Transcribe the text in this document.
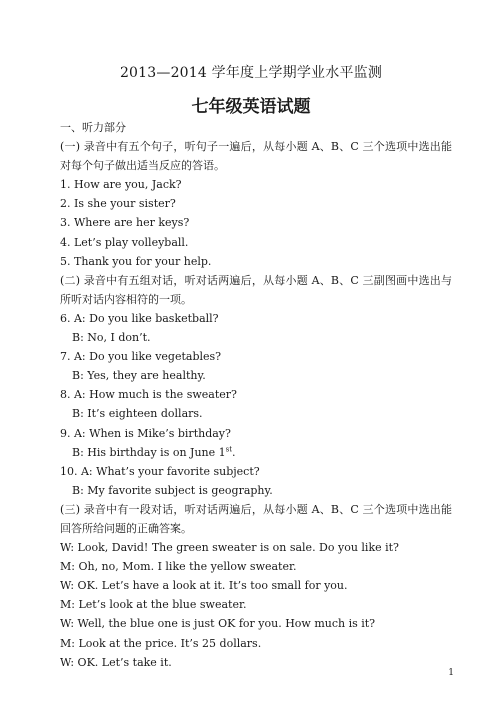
2013—2014 学年度上学期学业水平监测
七年级英语试题
一、听力部分
(一) 录音中有五个句子，听句子一遍后，从每小题 A、B、C 三个选项中选出能对每个句子做出适当反应的答语。
1. How are you, Jack?
2. Is she your sister?
3. Where are her keys?
4. Let’s play volleyball.
5. Thank you for your help.
(二) 录音中有五组对话，听对话两遍后，从每小题 A、B、C 三副图画中选出与所听对话内容相符的一项。
6. A: Do you like basketball?
B: No, I don’t.
7. A: Do you like vegetables?
B: Yes, they are healthy.
8. A: How much is the sweater?
B: It’s eighteen dollars.
9. A: When is Mike’s birthday?
B: His birthday is on June 1st.
10. A: What’s your favorite subject?
B: My favorite subject is geography.
(三) 录音中有一段对话，听对话两遍后，从每小题 A、B、C 三个选项中选出能回答所给问题的正确答案。
W: Look, David! The green sweater is on sale. Do you like it?
M: Oh, no, Mom. I like the yellow sweater.
W: OK. Let’s have a look at it. It’s too small for you.
M: Let’s look at the blue sweater.
W: Well, the blue one is just OK for you. How much is it?
M: Look at the price. It’s 25 dollars.
W: OK. Let’s take it.
1
